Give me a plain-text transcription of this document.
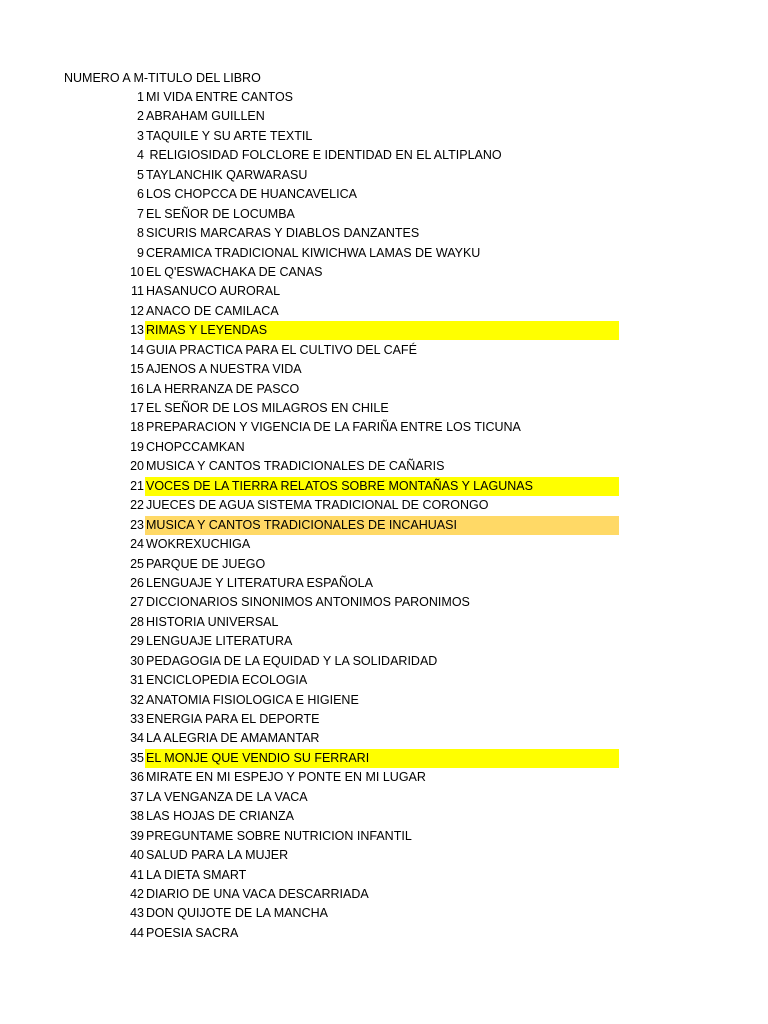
NUMERO A M-TITULO DEL LIBRO
1 MI VIDA ENTRE CANTOS
2 ABRAHAM GUILLEN
3 TAQUILE Y SU ARTE TEXTIL
4 RELIGIOSIDAD FOLCLORE E IDENTIDAD EN EL ALTIPLANO
5 TAYLANCHIK QARWARASU
6 LOS CHOPCCA DE HUANCAVELICA
7 EL SEÑOR DE LOCUMBA
8 SICURIS MARCARAS Y DIABLOS DANZANTES
9 CERAMICA TRADICIONAL KIWICHWA LAMAS DE WAYKU
10 EL Q'ESWACHAKA DE CANAS
11 HASANUCO AURORAL
12 ANACO DE CAMILACA
13 RIMAS Y LEYENDAS
14 GUIA PRACTICA PARA EL CULTIVO DEL CAFÉ
15 AJENOS A NUESTRA VIDA
16 LA HERRANZA DE PASCO
17 EL SEÑOR DE LOS MILAGROS EN CHILE
18 PREPARACION Y VIGENCIA DE LA FARIÑA ENTRE LOS TICUNA
19 CHOPCCAMKAN
20 MUSICA Y CANTOS TRADICIONALES DE CAÑARIS
21 VOCES DE LA TIERRA RELATOS SOBRE MONTAÑAS Y LAGUNAS
22 JUECES DE AGUA SISTEMA TRADICIONAL DE CORONGO
23 MUSICA Y CANTOS TRADICIONALES DE INCAHUASI
24 WOKREXUCHIGA
25 PARQUE DE JUEGO
26 LENGUAJE Y LITERATURA ESPAÑOLA
27 DICCIONARIOS SINONIMOS ANTONIMOS PARONIMOS
28 HISTORIA UNIVERSAL
29 LENGUAJE LITERATURA
30 PEDAGOGIA DE LA EQUIDAD Y LA SOLIDARIDAD
31 ENCICLOPEDIA ECOLOGIA
32 ANATOMIA FISIOLOGICA E HIGIENE
33 ENERGIA PARA EL DEPORTE
34 LA ALEGRIA DE AMAMANTAR
35 EL MONJE QUE VENDIO SU FERRARI
36 MIRATE EN MI ESPEJO Y PONTE EN MI LUGAR
37 LA VENGANZA DE LA VACA
38 LAS HOJAS DE CRIANZA
39 PREGUNTAME SOBRE NUTRICION INFANTIL
40 SALUD PARA LA MUJER
41 LA DIETA SMART
42 DIARIO DE UNA VACA DESCARRIADA
43 DON QUIJOTE DE LA MANCHA
44 POESIA SACRA
